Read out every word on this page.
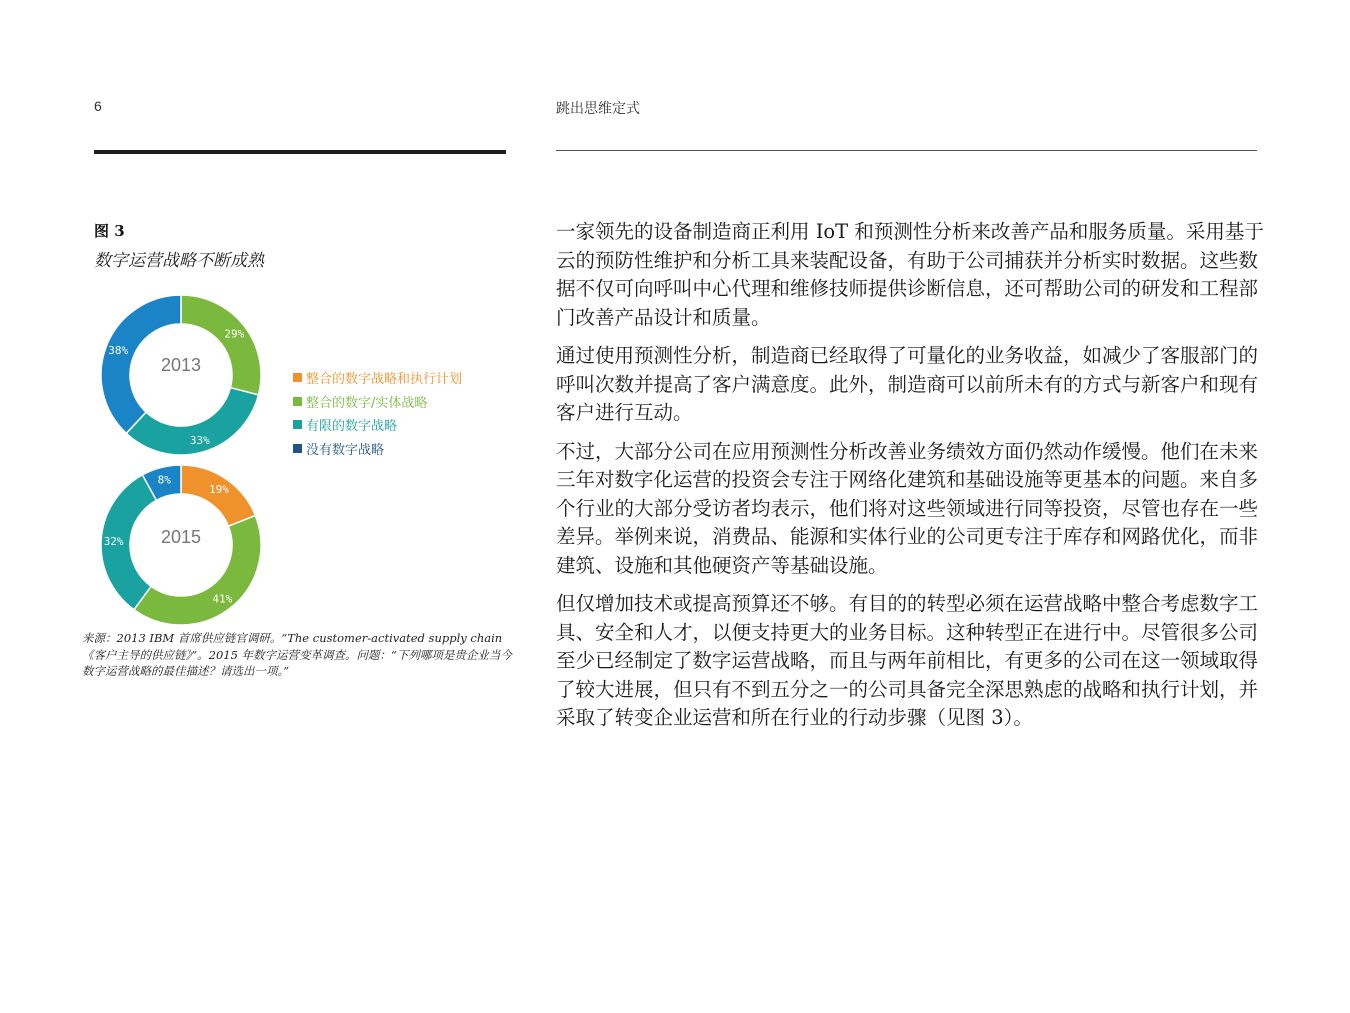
6	跳出思维定式
图 3
数字运营战略不断成熟
29%
33%
38%
2013
19%
41%
32%
8%
2015
整合的数字战略和执行计划
整合的数字/实体战略
有限的数字战略
没有数字战略
来源：2013 IBM 首席供应链官调研。“The customer-activated supply chain《客户主导的供应链》”。2015 年数字运营变革调查。问题：“下列哪项是贵企业当今数字运营战略的最佳描述？请选出一项。”

一家领先的设备制造商正利用 IoT 和预测性分析来改善产品和服务质量。采用基于云的预防性维护和分析工具来装配设备，有助于公司捕获并分析实时数据。这些数据不仅可向呼叫中心代理和维修技师提供诊断信息，还可帮助公司的研发和工程部门改善产品设计和质量。

通过使用预测性分析，制造商已经取得了可量化的业务收益，如减少了客服部门的呼叫次数并提高了客户满意度。此外，制造商可以前所未有的方式与新客户和现有客户进行互动。

不过，大部分公司在应用预测性分析改善业务绩效方面仍然动作缓慢。他们在未来三年对数字化运营的投资会专注于网络化建筑和基础设施等更基本的问题。来自多个行业的大部分受访者均表示，他们将对这些领域进行同等投资，尽管也存在一些差异。举例来说，消费品、能源和实体行业的公司更专注于库存和网路优化，而非建筑、设施和其他硬资产等基础设施。

但仅增加技术或提高预算还不够。有目的的转型必须在运营战略中整合考虑数字工具、安全和人才，以便支持更大的业务目标。这种转型正在进行中。尽管很多公司至少已经制定了数字运营战略，而且与两年前相比，有更多的公司在这一领域取得了较大进展，但只有不到五分之一的公司具备完全深思熟虑的战略和执行计划，并采取了转变企业运营和所在行业的行动步骤（见图 3）。
